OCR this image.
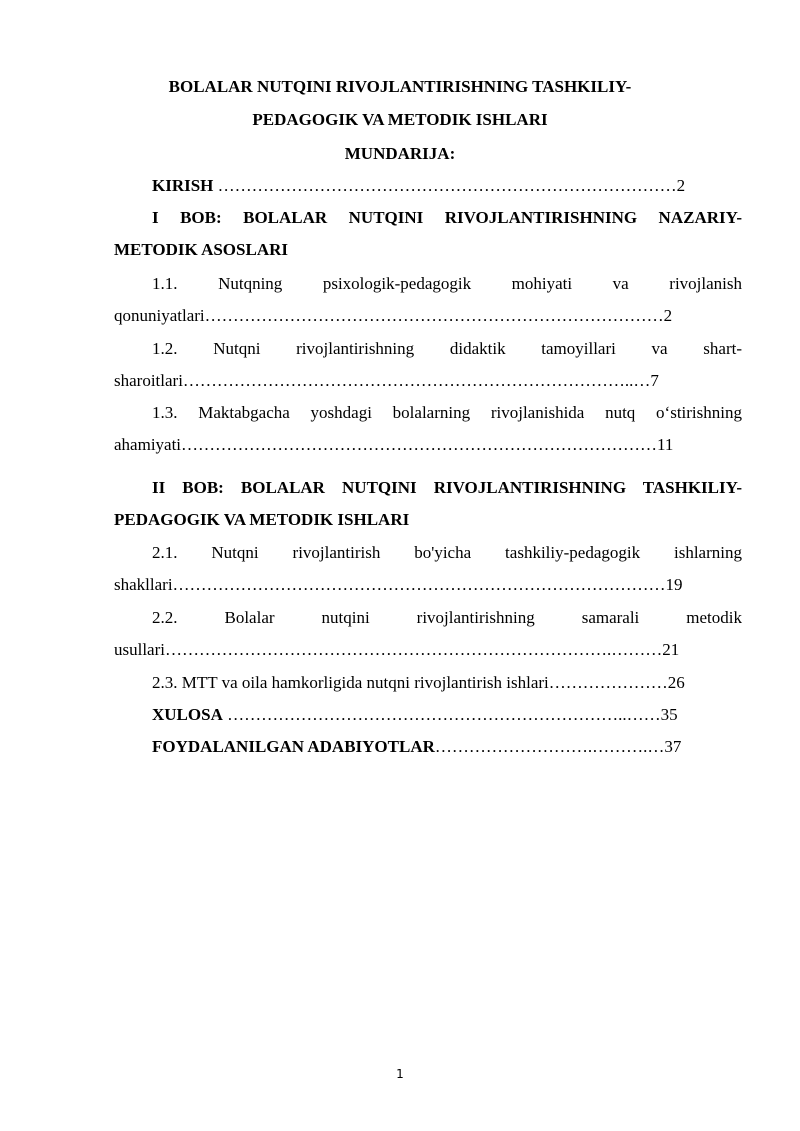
BOLALAR NUTQINI RIVOJLANTIRISHNING TASHKILIY-
PEDAGOGIK VA METODIK ISHLARI
MUNDARIJA:
KIRISH ………………………………………………………………………2
I BOB: BOLALAR NUTQINI RIVOJLANTIRISHNING NAZARIY-
METODIK ASOSLARI
1.1. Nutqning psixologik-pedagogik mohiyati va rivojlanish
qonuniyatlari………………………………………………………………………2
1.2. Nutqni rivojlantirishning didaktik tamoyillari va shart-
sharoitlari……………………………………………………………………..…7
1.3. Maktabgacha yoshdagi bolalarning rivojlanishida nutq o‘stirishning
ahamiyati…………………………………………………………………………11
II BOB: BOLALAR NUTQINI RIVOJLANTIRISHNING TASHKILIY-
PEDAGOGIK VA METODIK ISHLARI
2.1. Nutqni rivojlantirish bo'yicha tashkiliy-pedagogik ishlarning
shakllari……………………………………………………………………………19
2.2. Bolalar nutqini rivojlantirishning samarali metodik
usullari…………………………………………………………………….………21
2.3. MTT va oila hamkorligida nutqni rivojlantirish ishlari…………………26
XULOSA ……………………………………………………………..……35
FOYDALANILGAN ADABIYOTLAR……………………….……….…37
1
